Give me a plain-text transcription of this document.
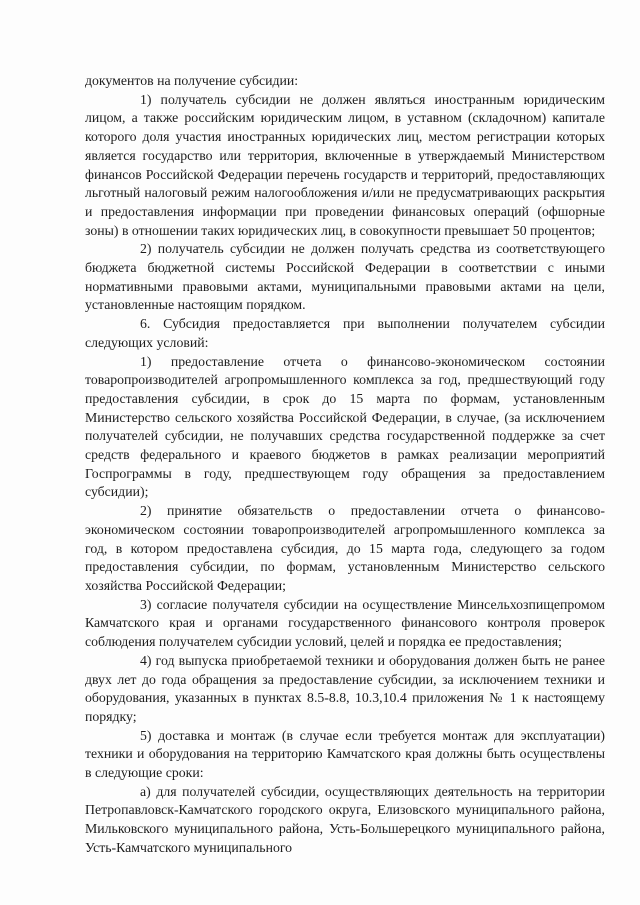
документов на получение субсидии:

1) получатель субсидии не должен являться иностранным юридическим лицом, а также российским юридическим лицом, в уставном (складочном) капитале которого доля участия иностранных юридических лиц, местом регистрации которых является государство или территория, включенные в утверждаемый Министерством финансов Российской Федерации перечень государств и территорий, предоставляющих льготный налоговый режим налогообложения и/или не предусматривающих раскрытия и предоставления информации при проведении финансовых операций (офшорные зоны) в отношении таких юридических лиц, в совокупности превышает 50 процентов;

2) получатель субсидии не должен получать средства из соответствующего бюджета бюджетной системы Российской Федерации в соответствии с иными нормативными правовыми актами, муниципальными правовыми актами на цели, установленные настоящим порядком.

6. Субсидия предоставляется при выполнении получателем субсидии следующих условий:

1) предоставление отчета о финансово-экономическом состоянии товаропроизводителей агропромышленного комплекса за год, предшествующий году предоставления субсидии, в срок до 15 марта по формам, установленным Министерство сельского хозяйства Российской Федерации, в случае, (за исключением получателей субсидии, не получавших средства государственной поддержке за счет средств федерального и краевого бюджетов в рамках реализации мероприятий Госпрограммы в году, предшествующем году обращения за предоставлением субсидии);

2) принятие обязательств о предоставлении отчета о финансово-экономическом состоянии товаропроизводителей агропромышленного комплекса за год, в котором предоставлена субсидия, до 15 марта года, следующего за годом предоставления субсидии, по формам, установленным Министерство сельского хозяйства Российской Федерации;

3) согласие получателя субсидии на осуществление Минсельхозпищепромом Камчатского края и органами государственного финансового контроля проверок соблюдения получателем субсидии условий, целей и порядка ее предоставления;

4) год выпуска приобретаемой техники и оборудования должен быть не ранее двух лет до года обращения за предоставление субсидии, за исключением техники и оборудования, указанных в пунктах 8.5-8.8, 10.3,10.4 приложения № 1 к настоящему порядку;

5) доставка и монтаж (в случае если требуется монтаж для эксплуатации) техники и оборудования на территорию Камчатского края должны быть осуществлены в следующие сроки:

а) для получателей субсидии, осуществляющих деятельность на территории Петропавловск-Камчатского городского округа, Елизовского муниципального района, Мильковского муниципального района, Усть-Большерецкого муниципального района, Усть-Камчатского муниципального
